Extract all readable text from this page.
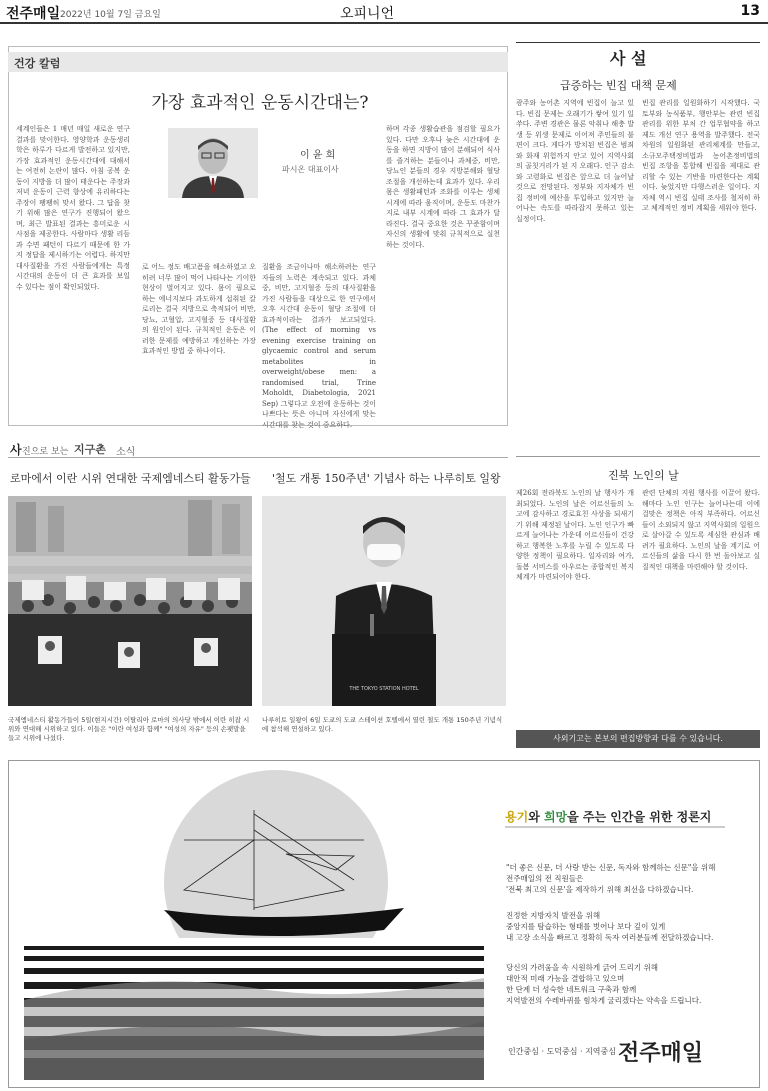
전주매일 2022년 10월 7일 금요일	오피니언	13
건강 칼럼
가장 효과적인 운동시간대는?
이 윤 희
파시온 대표이사
세계인들은 1 매년 매일 새로운 연구 결과를 맞이한다. 영양학과 운동생리학은 하루가 다르게 발전하고 있지만, 가장 효과적인 운동시간대에 대해서는 여전히 논란이 많다. 아침 공복 운동이 지방을 더 많이 태운다는 주장과 저녁 운동이 근력 향상에 유리하다는 주장이 팽팽히 맞서 왔다. 그 답을 찾기 위해 많은 연구가 진행되어 왔으며, 최근 발표된 결과는 흥미로운 시사점을 제공한다. 사람마다 생활 리듬과 수면 패턴이 다르기 때문에 한 가지 정답을 제시하기는 어렵다. 하지만 대사질환을 가진 사람들에게는 특정 시간대의 운동이 더 큰 효과를 보일 수 있다는 점이 확인되었다.
로 어느 정도 배고픔을 해소하였고 오히려 너무 많이 먹어 나타나는 기이한 현상이 벌어지고 있다. 몸이 필요로 하는 에너지보다 과도하게 섭취된 칼로리는 결국 지방으로 축적되어 비만, 당뇨, 고혈압, 고지혈증 등 대사질환의 원인이 된다. 규칙적인 운동은 이러한 문제를 예방하고 개선하는 가장 효과적인 방법 중 하나이다.
질환을 조금이나마 해소하려는 연구자들의 노력은 계속되고 있다. 과체중, 비만, 고지혈증 등의 대사질환을 가진 사람들을 대상으로 한 연구에서 오후 시간대 운동이 혈당 조절에 더 효과적이라는 결과가 보고되었다. (The effect of morning vs evening exercise training on glycaemic control and serum metabolites in overweight/obese men: a randomised trial, Trine Moholdt, Diabetologia, 2021 Sep) 그렇다고 오전에 운동하는 것이 나쁘다는 뜻은 아니며 자신에게 맞는 시간대를 찾는 것이 중요하다.
하며 각종 생활습관을 점검할 필요가 있다. 다만 오후나 늦은 시간대에 운동을 하면 지방이 많이 분해되어 식사를 즐겨하는 분들이나 과체중, 비만, 당뇨인 분들의 경우 지방분해와 혈당조절을 개선하는데 효과가 있다. 우리 몸은 생활패턴과 조화를 이루는 생체시계에 따라 움직이며, 운동도 마찬가지로 내부 시계에 따라 그 효과가 달라진다. 결국 중요한 것은 꾸준함이며 자신의 생활에 맞춰 규칙적으로 실천하는 것이다.
사 진으로 보는 지구촌 소식
로마에서 이란 시위 연대한 국제엠네스티 활동가들
국제엠네스티 활동가들이 5일(현지시간) 이탈리아 로마의 의사당 밖에서 이란 히잡 시위와 연대해 시위하고 있다. 이들은 "이란 여성과 함께" "여성의 자유" 등의 손팻말을 들고 시위에 나섰다.
'철도 개통 150주년' 기념사 하는 나루히토 일왕
THE TOKYO STATION HOTEL
나루히토 일왕이 6일 도쿄의 도쿄 스테이션 호텔에서 열린 철도 개통 150주년 기념식에 참석해 연설하고 있다.
사 설
급증하는 빈집 대책 문제
광주와 농어촌 지역에 빈집이 늘고 있다. 빈집 문제는 오래기가 쌓여 있기 일쑤다. 주변 경관은 물론 악취나 해충 발생 등 위생 문제로 이어져 주민들의 불편이 크다. 게다가 방치된 빈집은 범죄와 화재 위험까지 안고 있어 지역사회의 골칫거리가 된 지 오래다. 인구 감소와 고령화로 빈집은 앞으로 더 늘어날 것으로 전망된다. 정부와 지자체가 빈집 정비에 예산을 투입하고 있지만 늘어나는 속도를 따라잡지 못하고 있는 실정이다.
빈집 관리를 일원화하기 시작했다. 국토부와 농식품부, 행안부는 관련 빈집 관리를 위한 부처 간 업무협약을 하고 제도 개선 연구 용역을 발주했다. 전국 차원의 일원화된 관리체계를 만들고, 소규모주택정비법과 농어촌정비법의 빈집 조항을 통합해 빈집을 제대로 관리할 수 있는 기반을 마련한다는 계획이다. 늦었지만 다행스러운 일이다. 지자체 역시 빈집 실태 조사를 철저히 하고 체계적인 정비 계획을 세워야 한다.
진북 노인의 날
제26회 전라북도 노인의 날 행사가 개최되었다. 노인의 날은 어르신들의 노고에 감사하고 경로효친 사상을 되새기기 위해 제정된 날이다. 노인 인구가 빠르게 늘어나는 가운데 어르신들이 건강하고 행복한 노후를 누릴 수 있도록 다양한 정책이 필요하다. 일자리와 여가, 돌봄 서비스를 아우르는 종합적인 복지 체계가 마련되어야 한다.
관련 단체의 지원 행사를 이끌어 왔다. 해마다 노인 인구는 늘어나는데 이에 걸맞은 정책은 아직 부족하다. 어르신들이 소외되지 않고 지역사회의 일원으로 살아갈 수 있도록 세심한 관심과 배려가 필요하다. 노인의 날을 계기로 어르신들의 삶을 다시 한 번 돌아보고 실질적인 대책을 마련해야 할 것이다.
사외기고는 본보의 편집방향과 다를 수 있습니다.
용기와 희망을 주는 인간을 위한 정론지
"더 좋은 신문, 더 사랑 받는 신문, 독자와 함께하는 신문"을 위해
전주매일의 전 직원들은
'전북 최고의 신문'을 제작하기 위해 최선을 다하겠습니다.
진정한 지방자치 발전을 위해
중앙지를 탐습하는 형태를 벗어나 보다 깊이 있게
내 고장 소식을 빠르고 정확히 독자 여러분들께 전달하겠습니다.
당신의 가려움을 속 시원하게 긁어 드리기 위해
대안적 미래 가능을 결합하고 있으며
한 단계 더 성숙한 네트워크 구축과 함께
지역발전의 수레바퀴를 힘차게 굴리겠다는 약속을 드립니다.
인간중심 · 도덕중심 · 지역중심 전주매일
